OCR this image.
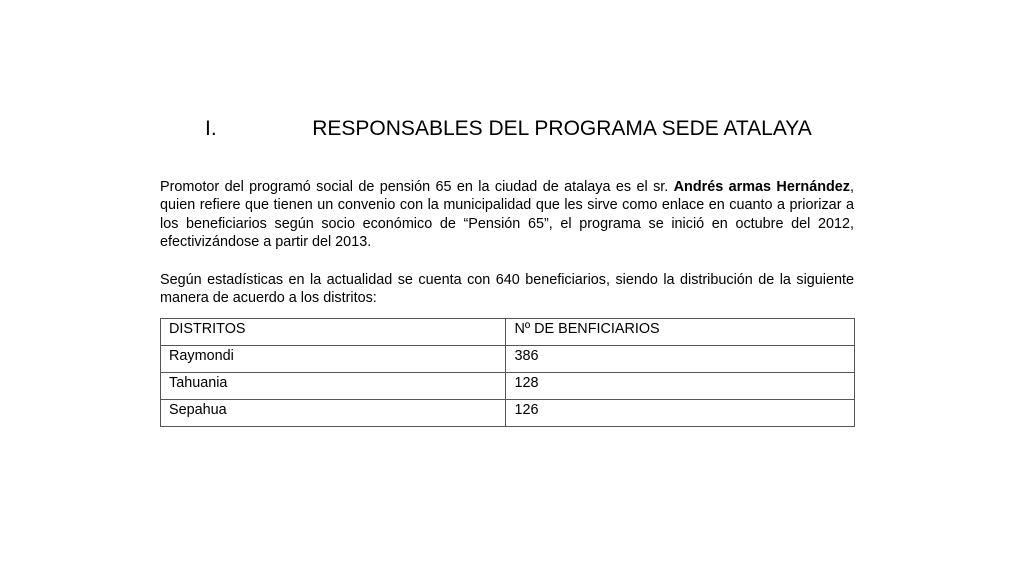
I.	RESPONSABLES DEL PROGRAMA SEDE ATALAYA

Promotor del programó social de pensión 65 en la ciudad de atalaya es el sr. Andrés armas Hernández, quien refiere que tienen un convenio con la municipalidad que les sirve como enlace en cuanto a priorizar a los beneficiarios según socio económico de “Pensión 65”, el programa se inició en octubre del 2012, efectivizándose a partir del 2013.

Según estadísticas en la actualidad se cuenta con 640 beneficiarios, siendo la distribución de la siguiente manera de acuerdo a los distritos:

DISTRITOS	Nº DE BENFICIARIOS
Raymondi	386
Tahuania	128
Sepahua	126
